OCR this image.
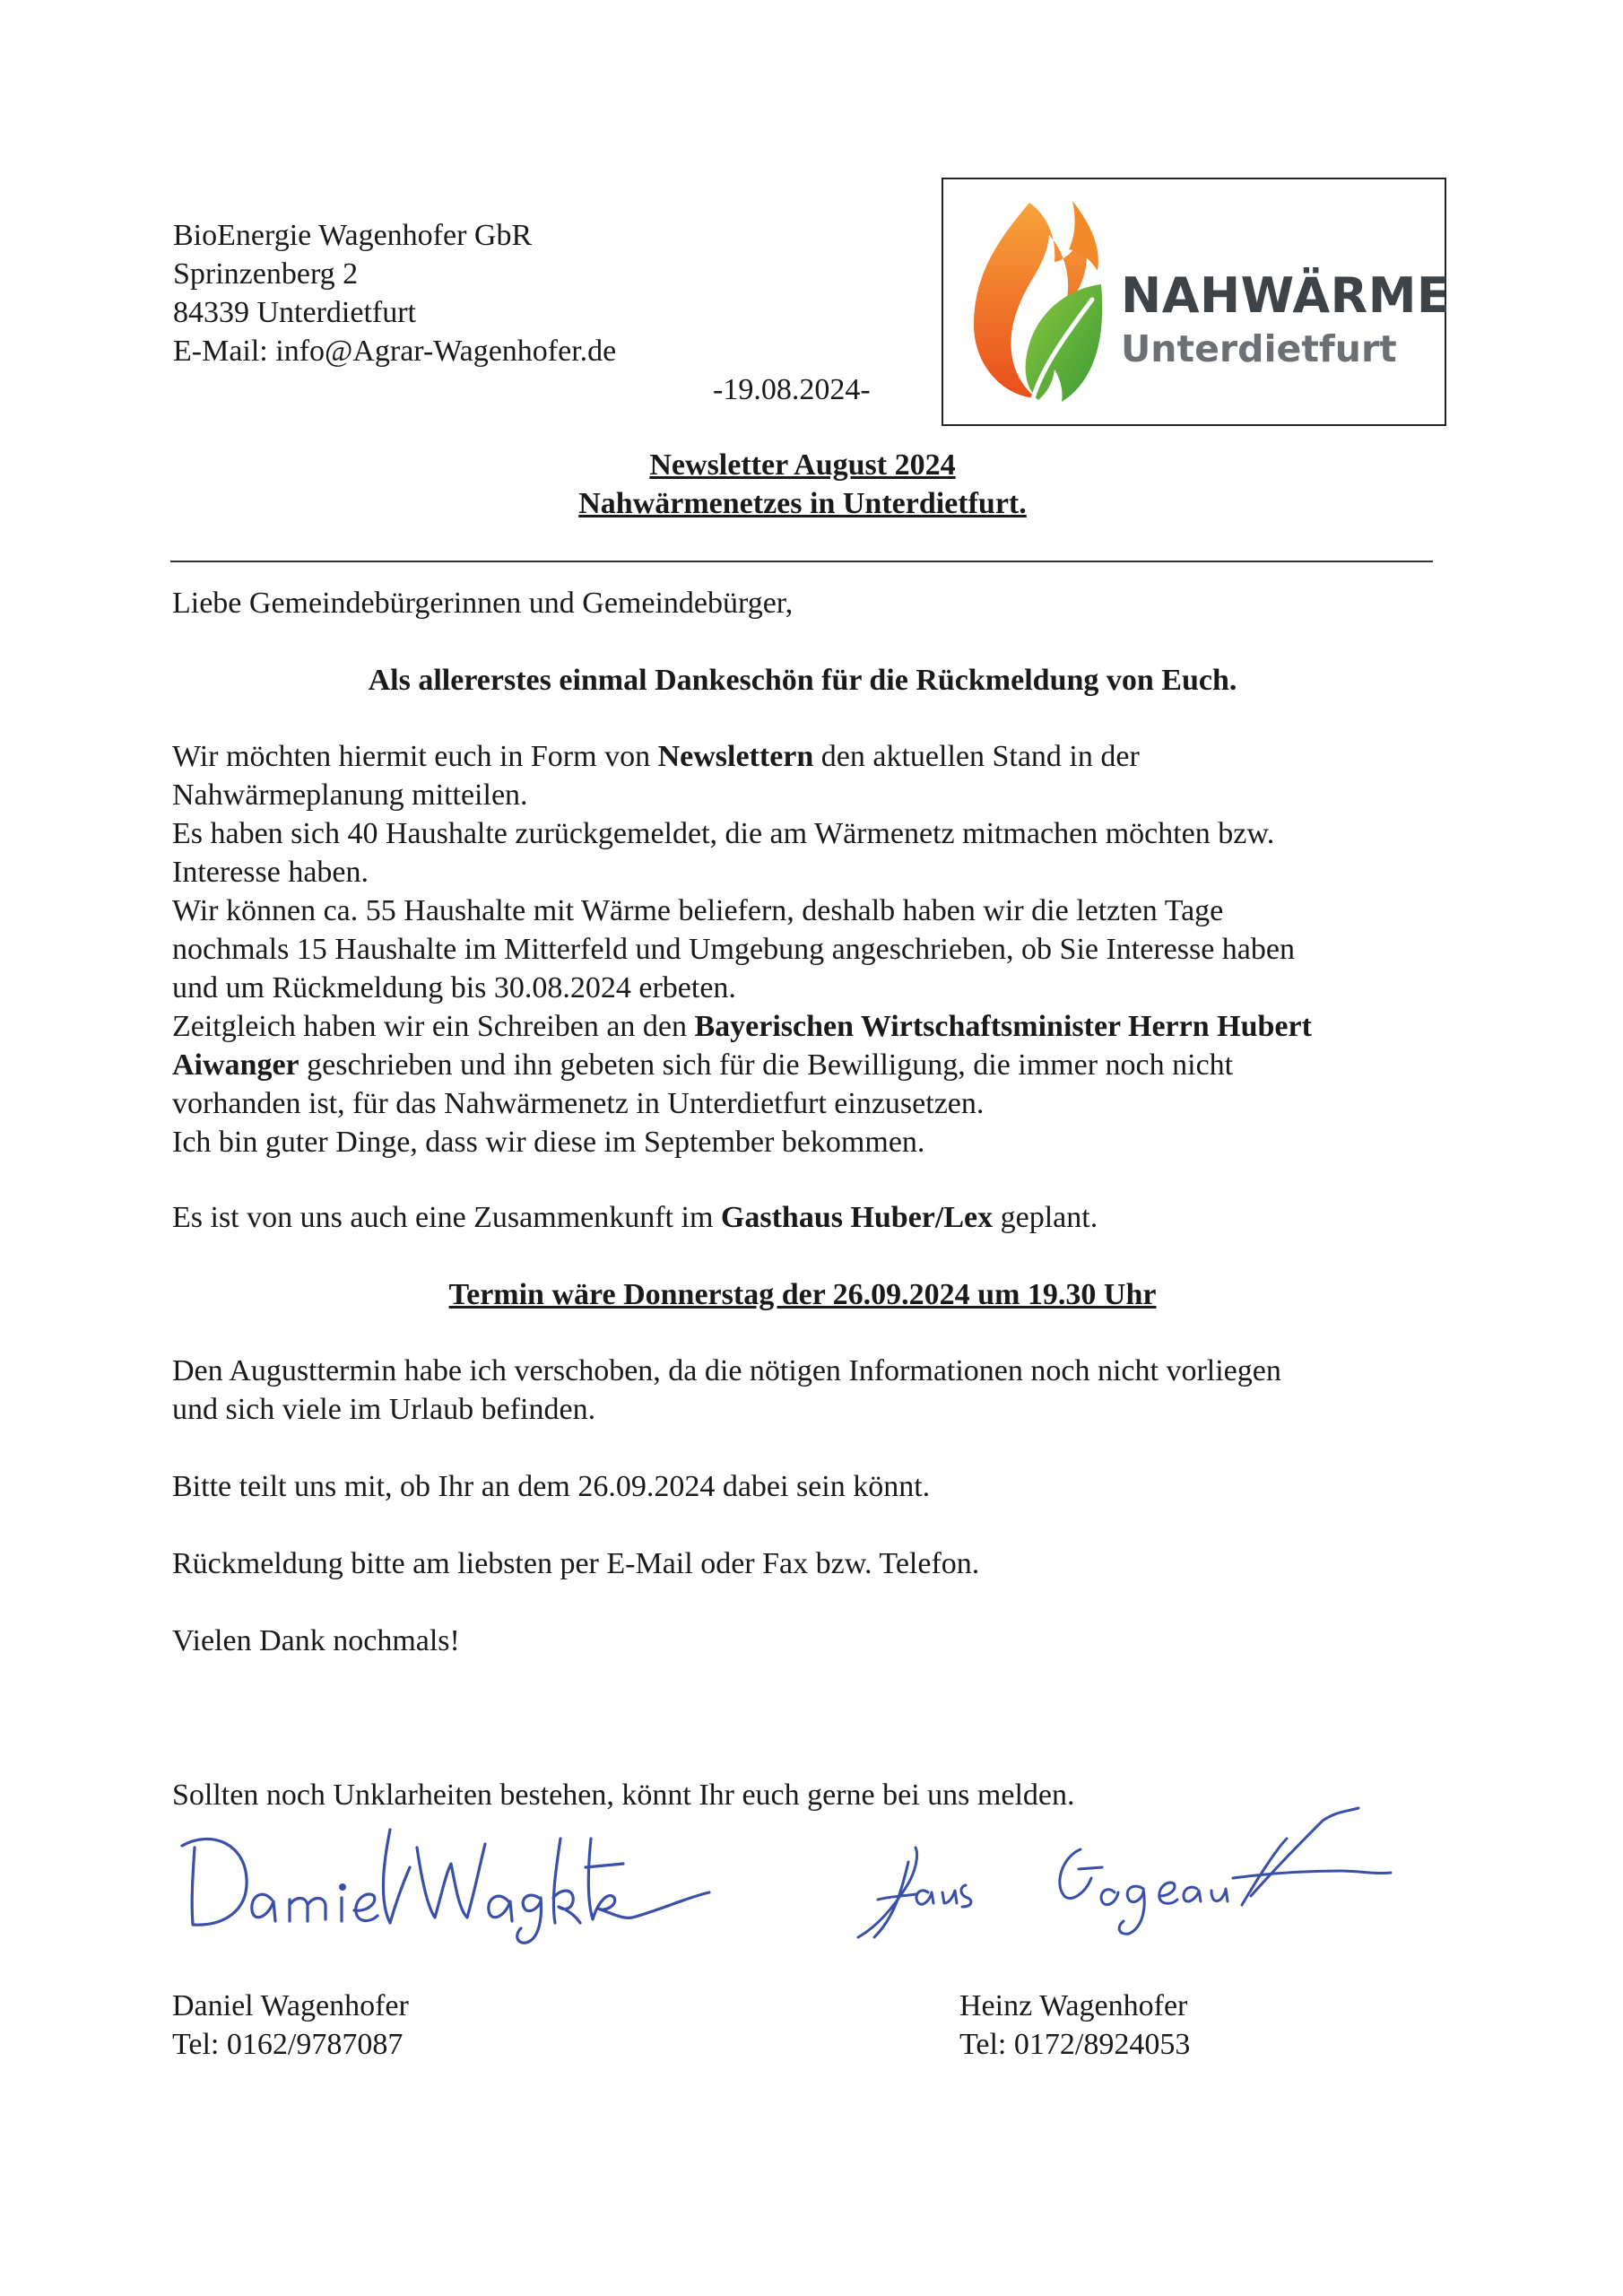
BioEnergie Wagenhofer GbR
Sprinzenberg 2
84339 Unterdietfurt
E-Mail: info@Agrar-Wagenhofer.de
-19.08.2024-

NAHWÄRME

Unterdietfurt

Newsletter August 2024
Nahwärmenetzes in Unterdietfurt.
Liebe Gemeindebürgerinnen und Gemeindebürger,
Als allererstes einmal Dankeschön für die Rückmeldung von Euch.
Wir möchten hiermit euch in Form von Newslettern den aktuellen Stand in der
Nahwärmeplanung mitteilen.
Es haben sich 40 Haushalte zurückgemeldet, die am Wärmenetz mitmachen möchten bzw.
Interesse haben.
Wir können ca. 55 Haushalte mit Wärme beliefern, deshalb haben wir die letzten Tage
nochmals 15 Haushalte im Mitterfeld und Umgebung angeschrieben, ob Sie Interesse haben
und um Rückmeldung bis 30.08.2024 erbeten.
Zeitgleich haben wir ein Schreiben an den Bayerischen Wirtschaftsminister Herrn Hubert
Aiwanger geschrieben und ihn gebeten sich für die Bewilligung, die immer noch nicht
vorhanden ist, für das Nahwärmenetz in Unterdietfurt einzusetzen.
Ich bin guter Dinge, dass wir diese im September bekommen.
Es ist von uns auch eine Zusammenkunft im Gasthaus Huber/Lex geplant.
Termin wäre Donnerstag der 26.09.2024 um 19.30 Uhr
Den Augusttermin habe ich verschoben, da die nötigen Informationen noch nicht vorliegen
und sich viele im Urlaub befinden.
Bitte teilt uns mit, ob Ihr an dem 26.09.2024 dabei sein könnt.
Rückmeldung bitte am liebsten per E-Mail oder Fax bzw. Telefon.
Vielen Dank nochmals!
Sollten noch Unklarheiten bestehen, könnt Ihr euch gerne bei uns melden.
Daniel Wagenhofer
Tel: 0162/9787087
Heinz Wagenhofer
Tel: 0172/8924053
